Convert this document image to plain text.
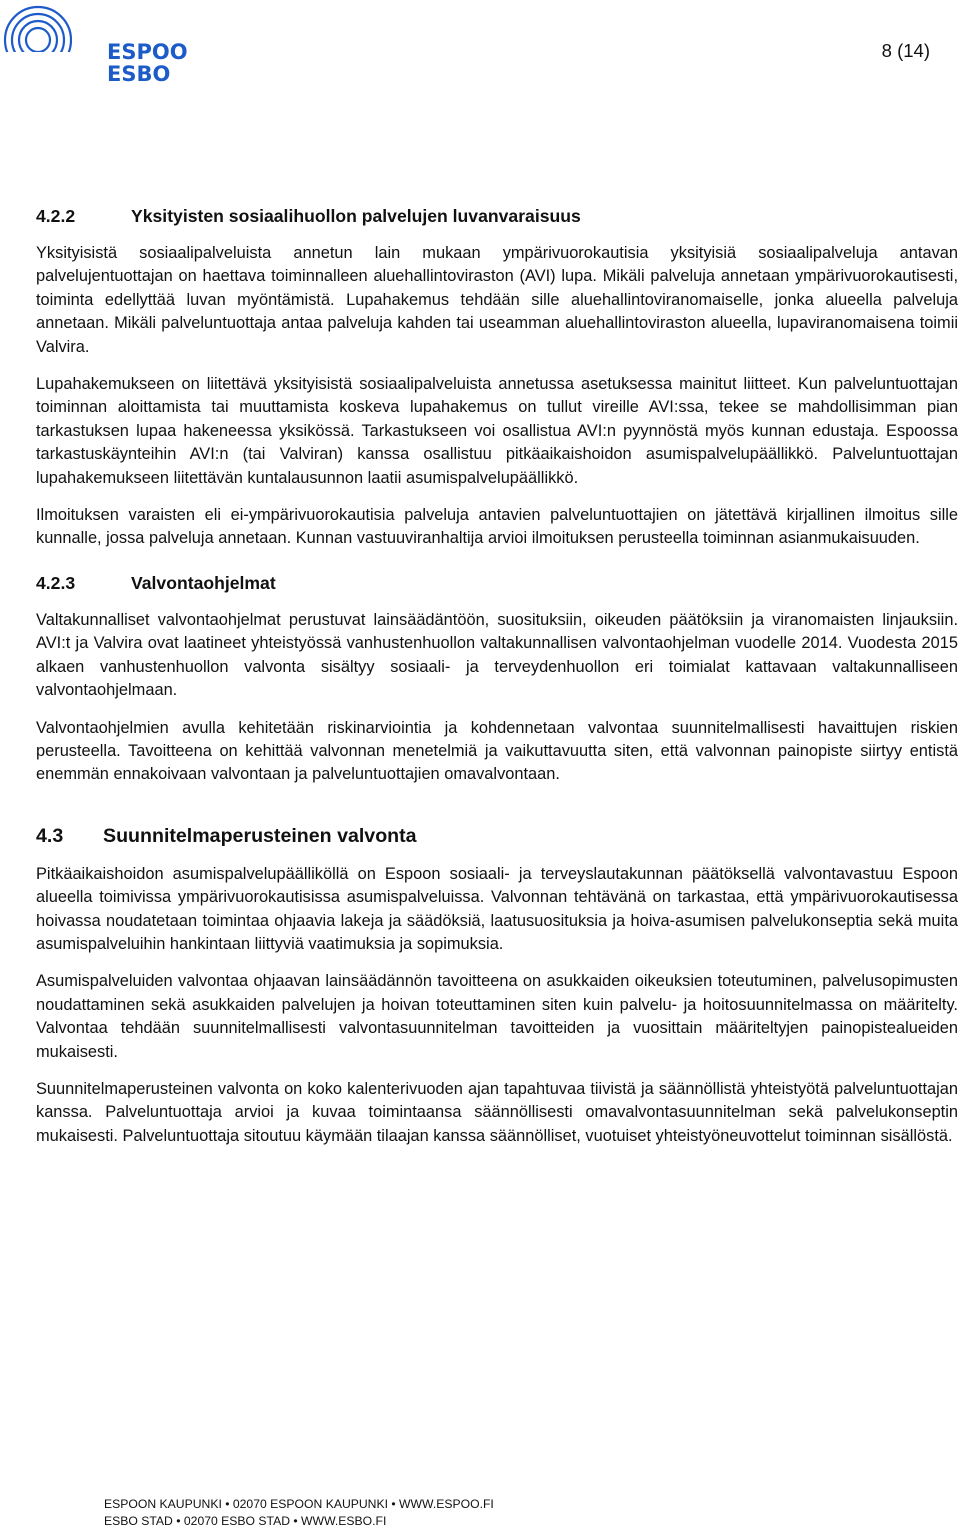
ESPOO
ESBO
8 (14)
4.2.2	Yksityisten sosiaalihuollon palvelujen luvanvaraisuus

Yksityisistä sosiaalipalveluista annetun lain mukaan ympärivuorokautisia yksityisiä sosiaalipalveluja antavan palvelujentuottajan on haettava toiminnalleen aluehallintoviraston (AVI) lupa. Mikäli palveluja annetaan ympärivuorokautisesti, toiminta edellyttää luvan myöntämistä. Lupahakemus tehdään sille aluehallintoviranomaiselle, jonka alueella palveluja annetaan. Mikäli palveluntuottaja antaa palveluja kahden tai useamman aluehallintoviraston alueella, lupaviranomaisena toimii Valvira.

Lupahakemukseen on liitettävä yksityisistä sosiaalipalveluista annetussa asetuksessa mainitut liitteet. Kun palveluntuottajan toiminnan aloittamista tai muuttamista koskeva lupahakemus on tullut vireille AVI:ssa, tekee se mahdollisimman pian tarkastuksen lupaa hakeneessa yksikössä. Tarkastukseen voi osallistua AVI:n pyynnöstä myös kunnan edustaja. Espoossa tarkastuskäynteihin AVI:n (tai Valviran) kanssa osallistuu pitkäaikaishoidon asumispalvelupäällikkö. Palveluntuottajan lupahakemukseen liitettävän kuntalausunnon laatii asumispalvelupäällikkö.

Ilmoituksen varaisten eli ei-ympärivuorokautisia palveluja antavien palveluntuottajien on jätettävä kirjallinen ilmoitus sille kunnalle, jossa palveluja annetaan. Kunnan vastuuviranhaltija arvioi ilmoituksen perusteella toiminnan asianmukaisuuden.

4.2.3	Valvontaohjelmat

Valtakunnalliset valvontaohjelmat perustuvat lainsäädäntöön, suosituksiin, oikeuden päätöksiin ja viranomaisten linjauksiin. AVI:t ja Valvira ovat laatineet yhteistyössä vanhustenhuollon valtakunnallisen valvontaohjelman vuodelle 2014. Vuodesta 2015 alkaen vanhustenhuollon valvonta sisältyy sosiaali- ja terveydenhuollon eri toimialat kattavaan valtakunnalliseen valvontaohjelmaan.

Valvontaohjelmien avulla kehitetään riskinarviointia ja kohdennetaan valvontaa suunnitelmallisesti havaittujen riskien perusteella. Tavoitteena on kehittää valvonnan menetelmiä ja vaikuttavuutta siten, että valvonnan painopiste siirtyy entistä enemmän ennakoivaan valvontaan ja palveluntuottajien omavalvontaan.

4.3	Suunnitelmaperusteinen valvonta

Pitkäaikaishoidon asumispalvelupäälliköllä on Espoon sosiaali- ja terveyslautakunnan päätöksellä valvontavastuu Espoon alueella toimivissa ympärivuorokautisissa asumispalveluissa. Valvonnan tehtävänä on tarkastaa, että ympärivuorokautisessa hoivassa noudatetaan toimintaa ohjaavia lakeja ja säädöksiä, laatusuosituksia ja hoiva-asumisen palvelukonseptia sekä muita asumispalveluihin hankintaan liittyviä vaatimuksia ja sopimuksia.

Asumispalveluiden valvontaa ohjaavan lainsäädännön tavoitteena on asukkaiden oikeuksien toteutuminen, palvelusopimusten noudattaminen sekä asukkaiden palvelujen ja hoivan toteuttaminen siten kuin palvelu- ja hoitosuunnitelmassa on määritelty. Valvontaa tehdään suunnitelmallisesti valvontasuunnitelman tavoitteiden ja vuosittain määriteltyjen painopistealueiden mukaisesti.

Suunnitelmaperusteinen valvonta on koko kalenterivuoden ajan tapahtuvaa tiivistä ja säännöllistä yhteistyötä palveluntuottajan kanssa. Palveluntuottaja arvioi ja kuvaa toimintaansa säännöllisesti omavalvontasuunnitelman sekä palvelukonseptin mukaisesti. Palveluntuottaja sitoutuu käymään tilaajan kanssa säännölliset, vuotuiset yhteistyöneuvottelut toiminnan sisällöstä.

ESPOON KAUPUNKI • 02070 ESPOON KAUPUNKI • WWW.ESPOO.FI
ESBO STAD • 02070 ESBO STAD • WWW.ESBO.FI
